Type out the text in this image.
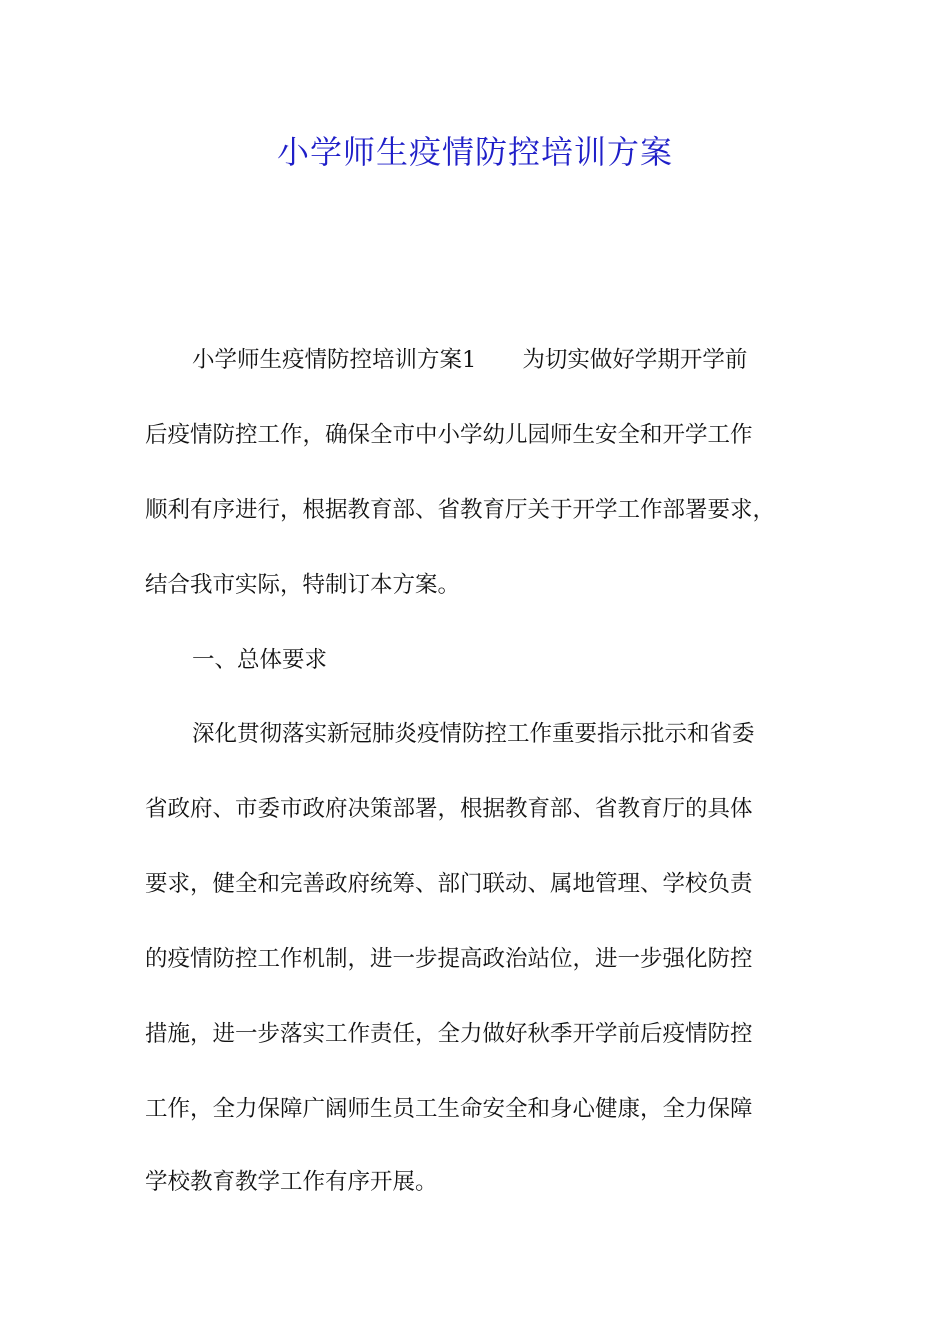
小学师生疫情防控培训方案

小学师生疫情防控培训方案1 为切实做好学期开学前

后疫情防控工作，确保全市中小学幼儿园师生安全和开学工作

顺利有序进行，根据教育部、省教育厅关于开学工作部署要求，

结合我市实际，特制订本方案。

一、总体要求

深化贯彻落实新冠肺炎疫情防控工作重要指示批示和省委

省政府、市委市政府决策部署，根据教育部、省教育厅的具体

要求，健全和完善政府统筹、部门联动、属地管理、学校负责

的疫情防控工作机制，进一步提高政治站位，进一步强化防控

措施，进一步落实工作责任，全力做好秋季开学前后疫情防控

工作，全力保障广阔师生员工生命安全和身心健康，全力保障

学校教育教学工作有序开展。
